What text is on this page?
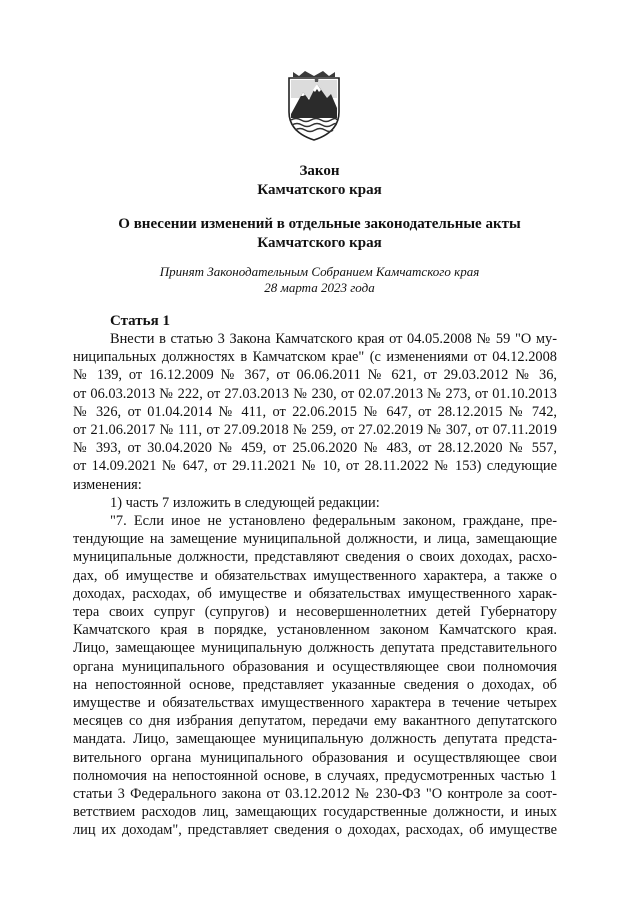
Закон
Камчатского края
О внесении изменений в отдельные законодательные акты
Камчатского края
Принят Законодательным Собранием Камчатского края
28 марта 2023 года
Статья 1
Внести в статью 3 Закона Камчатского края от 04.05.2008 № 59 "О му-
ниципальных должностях в Камчатском крае" (с изменениями от 04.12.2008
№ 139, от 16.12.2009 № 367, от 06.06.2011 № 621, от 29.03.2012 № 36,
от 06.03.2013 № 222, от 27.03.2013 № 230, от 02.07.2013 № 273, от 01.10.2013
№ 326, от 01.04.2014 № 411, от 22.06.2015 № 647, от 28.12.2015 № 742,
от 21.06.2017 № 111, от 27.09.2018 № 259, от 27.02.2019 № 307, от 07.11.2019
№ 393, от 30.04.2020 № 459, от 25.06.2020 № 483, от 28.12.2020 № 557,
от 14.09.2021 № 647, от 29.11.2021 № 10, от 28.11.2022 № 153) следующие
изменения:
1) часть 7 изложить в следующей редакции:
"7. Если иное не установлено федеральным законом, граждане, пре-
тендующие на замещение муниципальной должности, и лица, замещающие
муниципальные должности, представляют сведения о своих доходах, расхо-
дах, об имуществе и обязательствах имущественного характера, а также о
доходах, расходах, об имуществе и обязательствах имущественного харак-
тера своих супруг (супругов) и несовершеннолетних детей Губернатору
Камчатского края в порядке, установленном законом Камчатского края.
Лицо, замещающее муниципальную должность депутата представительного
органа муниципального образования и осуществляющее свои полномочия
на непостоянной основе, представляет указанные сведения о доходах, об
имуществе и обязательствах имущественного характера в течение четырех
месяцев со дня избрания депутатом, передачи ему вакантного депутатского
мандата. Лицо, замещающее муниципальную должность депутата предста-
вительного органа муниципального образования и осуществляющее свои
полномочия на непостоянной основе, в случаях, предусмотренных частью 1
статьи 3 Федерального закона от 03.12.2012 № 230-ФЗ "О контроле за соот-
ветствием расходов лиц, замещающих государственные должности, и иных
лиц их доходам", представляет сведения о доходах, расходах, об имуществе
